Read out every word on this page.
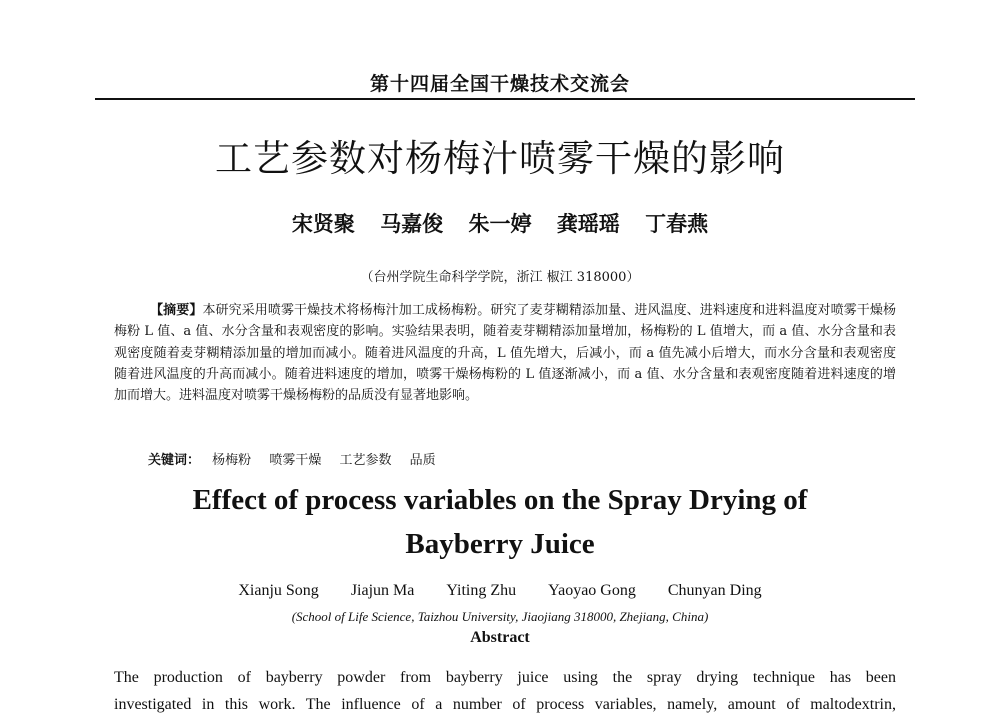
第十四届全国干燥技术交流会
工艺参数对杨梅汁喷雾干燥的影响
宋贤聚 马嘉俊 朱一婷 龚瑶瑶 丁春燕
（台州学院生命科学学院，浙江 椒江 318000）
【摘要】本研究采用喷雾干燥技术将杨梅汁加工成杨梅粉。研究了麦芽糊精添加量、进风温度、进料速度和进料温度对喷雾干燥杨梅粉 L 值、a 值、水分含量和表观密度的影响。实验结果表明，随着麦芽糊精添加量增加，杨梅粉的 L 值增大，而 a 值、水分含量和表观密度随着麦芽糊精添加量的增加而减小。随着进风温度的升高，L 值先增大，后减小，而 a 值先减小后增大，而水分含量和表观密度随着进风温度的升高而减小。随着进料速度的增加，喷雾干燥杨梅粉的 L 值逐渐减小，而 a 值、水分含量和表观密度随着进料速度的增加而增大。进料温度对喷雾干燥杨梅粉的品质没有显著地影响。
关键词： 杨梅粉 喷雾干燥 工艺参数 品质
Effect of process variables on the Spray Drying of
Bayberry Juice
Xianju Song Jiajun Ma Yiting Zhu Yaoyao Gong Chunyan Ding
(School of Life Science, Taizhou University, Jiaojiang 318000, Zhejiang, China)
Abstract
The production of bayberry powder from bayberry juice using the spray drying technique has been
investigated in this work. The influence of a number of process variables, namely, amount of maltodextrin,
